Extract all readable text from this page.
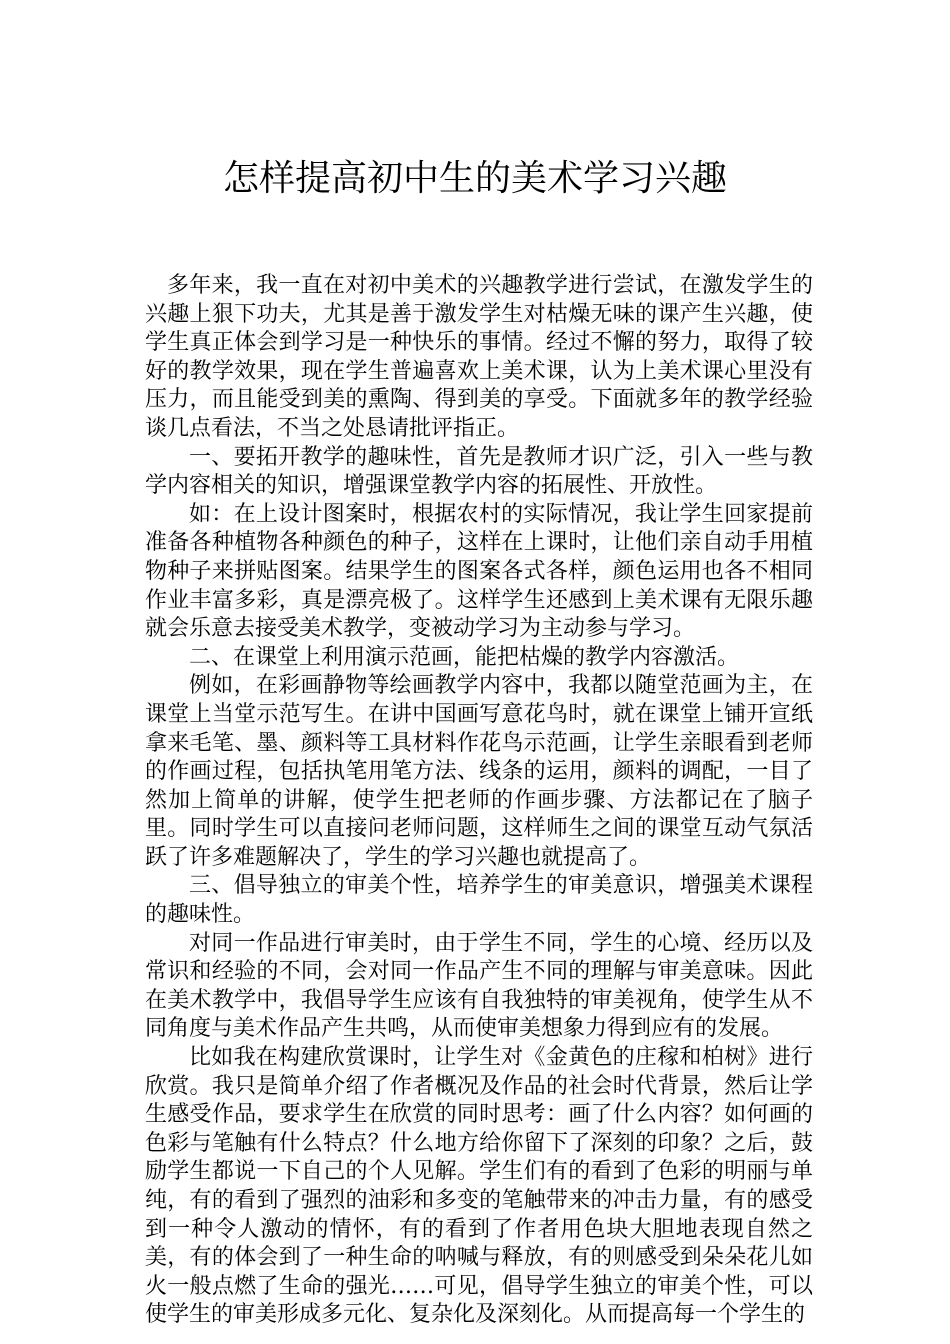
怎样提高初中生的美术学习兴趣

多年来，我一直在对初中美术的兴趣教学进行尝试，在激发学生的兴趣上狠下功夫，尤其是善于激发学生对枯燥无味的课产生兴趣，使学生真正体会到学习是一种快乐的事情。经过不懈的努力，取得了较好的教学效果，现在学生普遍喜欢上美术课，认为上美术课心里没有压力，而且能受到美的熏陶、得到美的享受。下面就多年的教学经验谈几点看法，不当之处恳请批评指正。

一、要拓开教学的趣味性，首先是教师才识广泛，引入一些与教学内容相关的知识，增强课堂教学内容的拓展性、开放性。

如：在上设计图案时，根据农村的实际情况，我让学生回家提前准备各种植物各种颜色的种子，这样在上课时，让他们亲自动手用植物种子来拼贴图案。结果学生的图案各式各样，颜色运用也各不相同作业丰富多彩，真是漂亮极了。这样学生还感到上美术课有无限乐趣就会乐意去接受美术教学，变被动学习为主动参与学习。

二、在课堂上利用演示范画，能把枯燥的教学内容激活。

例如，在彩画静物等绘画教学内容中，我都以随堂范画为主，在课堂上当堂示范写生。在讲中国画写意花鸟时，就在课堂上铺开宣纸拿来毛笔、墨、颜料等工具材料作花鸟示范画，让学生亲眼看到老师的作画过程，包括执笔用笔方法、线条的运用，颜料的调配，一目了然加上简单的讲解，使学生把老师的作画步骤、方法都记在了脑子里。同时学生可以直接问老师问题，这样师生之间的课堂互动气氛活跃了许多难题解决了，学生的学习兴趣也就提高了。

三、倡导独立的审美个性，培养学生的审美意识，增强美术课程的趣味性。

对同一作品进行审美时，由于学生不同，学生的心境、经历以及常识和经验的不同，会对同一作品产生不同的理解与审美意味。因此在美术教学中，我倡导学生应该有自我独特的审美视角，使学生从不同角度与美术作品产生共鸣，从而使审美想象力得到应有的发展。

比如我在构建欣赏课时，让学生对《金黄色的庄稼和柏树》进行欣赏。我只是简单介绍了作者概况及作品的社会时代背景，然后让学生感受作品，要求学生在欣赏的同时思考：画了什么内容？如何画的色彩与笔触有什么特点？什么地方给你留下了深刻的印象？之后，鼓励学生都说一下自己的个人见解。学生们有的看到了色彩的明丽与单纯，有的看到了强烈的油彩和多变的笔触带来的冲击力量，有的感受到一种令人激动的情怀，有的看到了作者用色块大胆地表现自然之美，有的体会到了一种生命的呐喊与释放，有的则感受到朵朵花儿如火一般点燃了生命的强光……可见，倡导学生独立的审美个性，可以使学生的审美形成多元化、复杂化及深刻化。从而提高每一个学生的
